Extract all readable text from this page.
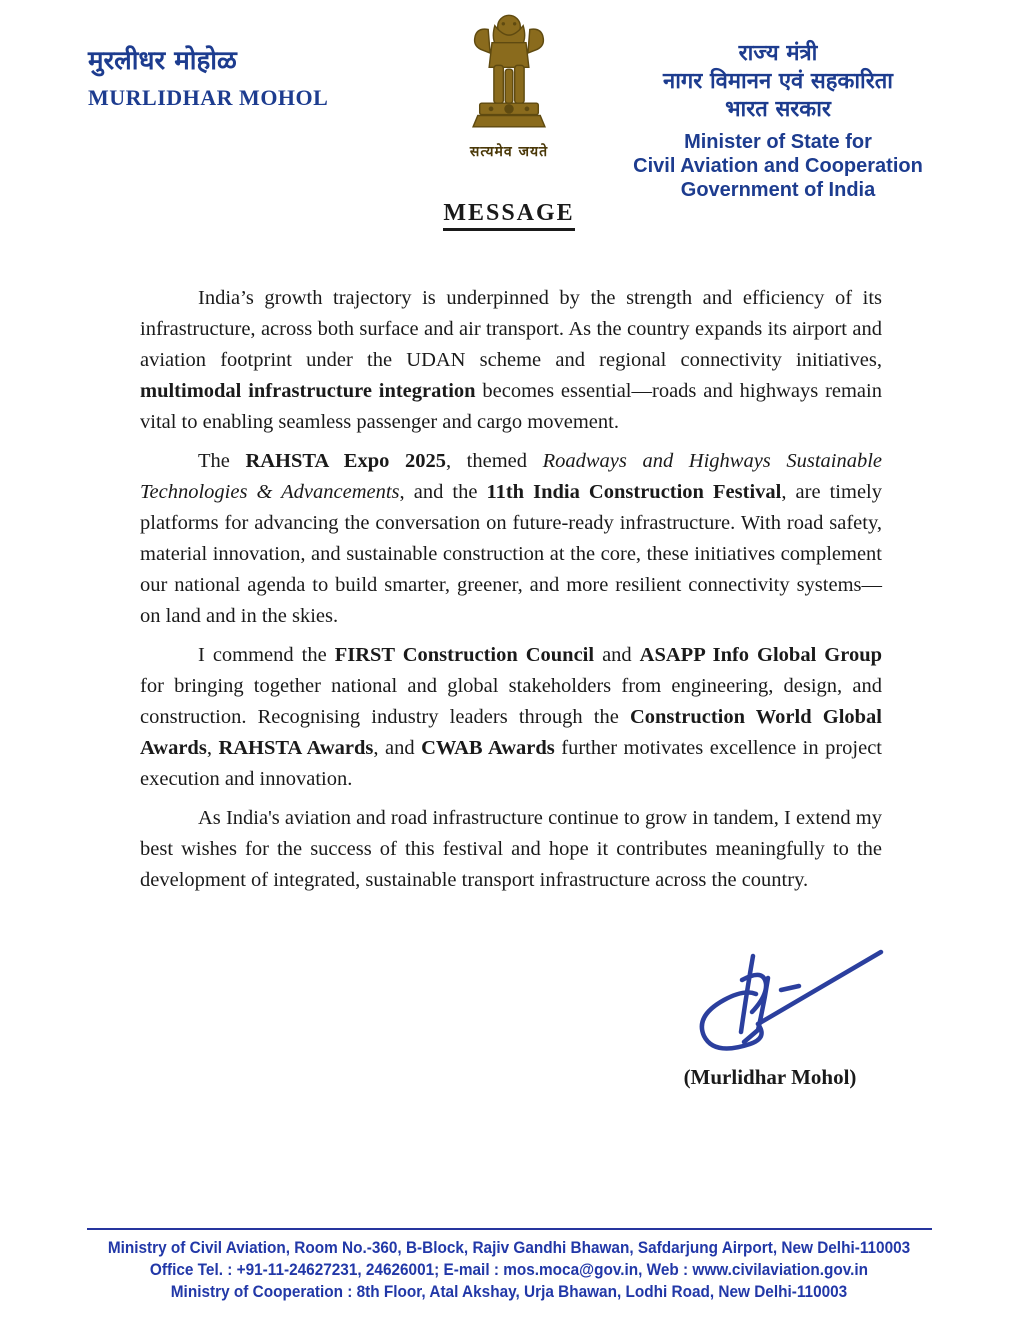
मुरलीधर मोहोळ
MURLIDHAR MOHOL
सत्यमेव जयते
राज्य मंत्री
नागर विमानन एवं सहकारिता
भारत सरकार
Minister of State for
Civil Aviation and Cooperation
Government of India
MESSAGE

India’s growth trajectory is underpinned by the strength and efficiency of its infrastructure, across both surface and air transport. As the country expands its airport and aviation footprint under the UDAN scheme and regional connectivity initiatives, multimodal infrastructure integration becomes essential—roads and highways remain vital to enabling seamless passenger and cargo movement.

The RAHSTA Expo 2025, themed Roadways and Highways Sustainable Technologies & Advancements, and the 11th India Construction Festival, are timely platforms for advancing the conversation on future-ready infrastructure. With road safety, material innovation, and sustainable construction at the core, these initiatives complement our national agenda to build smarter, greener, and more resilient connectivity systems—on land and in the skies.

I commend the FIRST Construction Council and ASAPP Info Global Group for bringing together national and global stakeholders from engineering, design, and construction. Recognising industry leaders through the Construction World Global Awards, RAHSTA Awards, and CWAB Awards further motivates excellence in project execution and innovation.

As India's aviation and road infrastructure continue to grow in tandem, I extend my best wishes for the success of this festival and hope it contributes meaningfully to the development of integrated, sustainable transport infrastructure across the country.

(Murlidhar Mohol)
Ministry of Civil Aviation, Room No.-360, B-Block, Rajiv Gandhi Bhawan, Safdarjung Airport, New Delhi-110003
Office Tel. : +91-11-24627231, 24626001; E-mail : mos.moca@gov.in, Web : www.civilaviation.gov.in
Ministry of Cooperation : 8th Floor, Atal Akshay, Urja Bhawan, Lodhi Road, New Delhi-110003
